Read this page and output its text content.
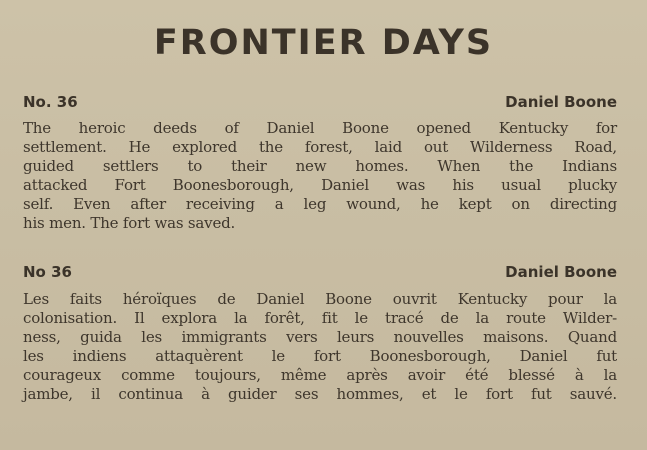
FRONTIER DAYS
No. 36	Daniel Boone
The heroic deeds of Daniel Boone opened Kentucky for
settlement. He explored the forest, laid out Wilderness Road,
guided settlers to their new homes. When the Indians
attacked Fort Boonesborough, Daniel was his usual plucky
self. Even after receiving a leg wound, he kept on directing
his men. The fort was saved.
No 36	Daniel Boone
Les faits héroïques de Daniel Boone ouvrit Kentucky pour la
colonisation. Il explora la forêt, fit le tracé de la route Wilder-
ness, guida les immigrants vers leurs nouvelles maisons. Quand
les indiens attaquèrent le fort Boonesborough, Daniel fut
courageux comme toujours, même après avoir été blessé à la
jambe, il continua à guider ses hommes, et le fort fut sauvé.
